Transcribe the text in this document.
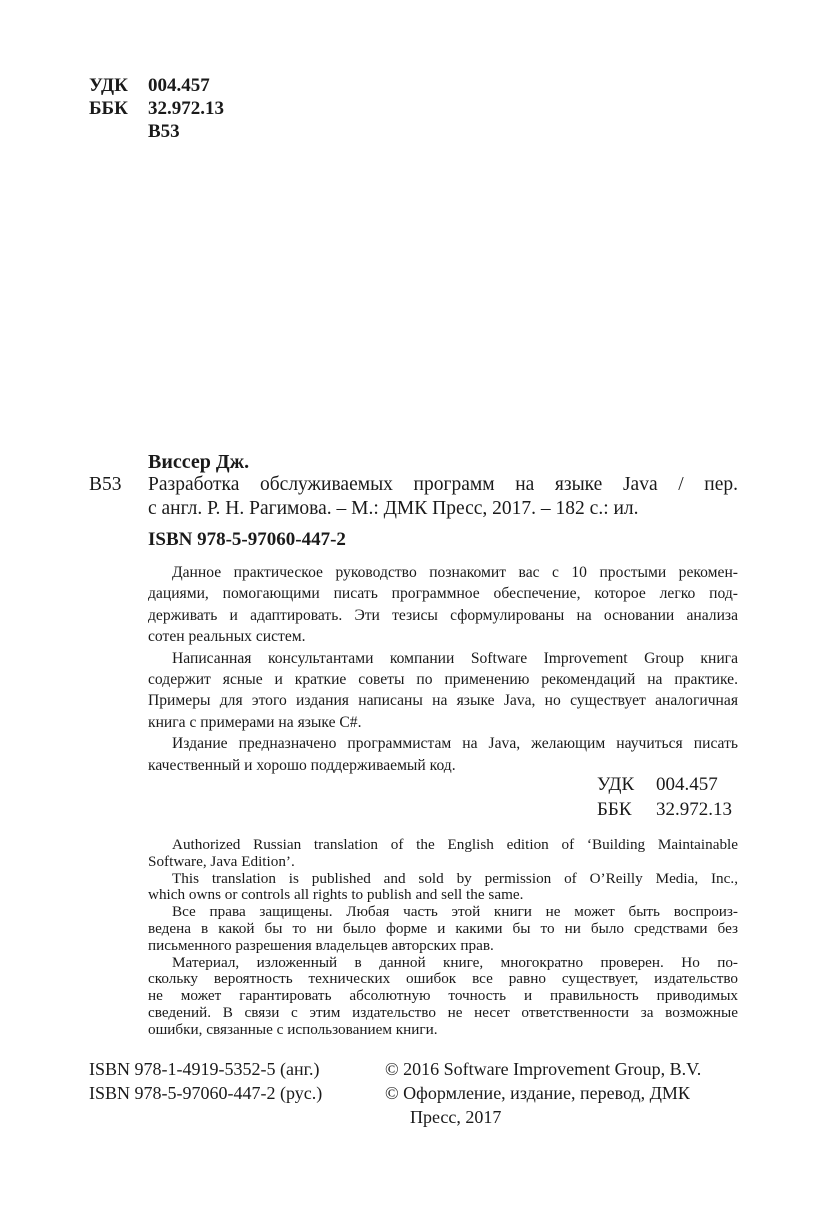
УДК 004.457
ББК 32.972.13
В53
Виссер Дж.
В53 Разработка обслуживаемых программ на языке Java / пер.
с англ. Р. Н. Рагимова. – М.: ДМК Пресс, 2017. – 182 с.: ил.
ISBN 978-5-97060-447-2
Данное практическое руководство познакомит вас с 10 простыми рекомен-
дациями, помогающими писать программное обеспечение, которое легко под-
держивать и адаптировать. Эти тезисы сформулированы на основании анализа
сотен реальных систем.
Написанная консультантами компании Software Improvement Group книга
содержит ясные и краткие советы по применению рекомендаций на практике.
Примеры для этого издания написаны на языке Java, но существует аналогичная
книга с примерами на языке C#.
Издание предназначено программистам на Java, желающим научиться писать
качественный и хорошо поддерживаемый код.
УДК 004.457
ББК 32.972.13
Authorized Russian translation of the English edition of ‘Building Maintainable
Software, Java Edition’.
This translation is published and sold by permission of O’Reilly Media, Inc.,
which owns or controls all rights to publish and sell the same.
Все права защищены. Любая часть этой книги не может быть воспроиз-
ведена в какой бы то ни было форме и какими бы то ни было средствами без
письменного разрешения владельцев авторских прав.
Материал, изложенный в данной книге, многократно проверен. Но по-
скольку вероятность технических ошибок все равно существует, издательство
не может гарантировать абсолютную точность и правильность приводимых
сведений. В связи с этим издательство не несет ответственности за возможные
ошибки, связанные с использованием книги.
ISBN 978-1-4919-5352-5 (анг.)
ISBN 978-5-97060-447-2 (рус.)
© 2016 Software Improvement Group, B.V.
© Оформление, издание, перевод, ДМК
Пресс, 2017
